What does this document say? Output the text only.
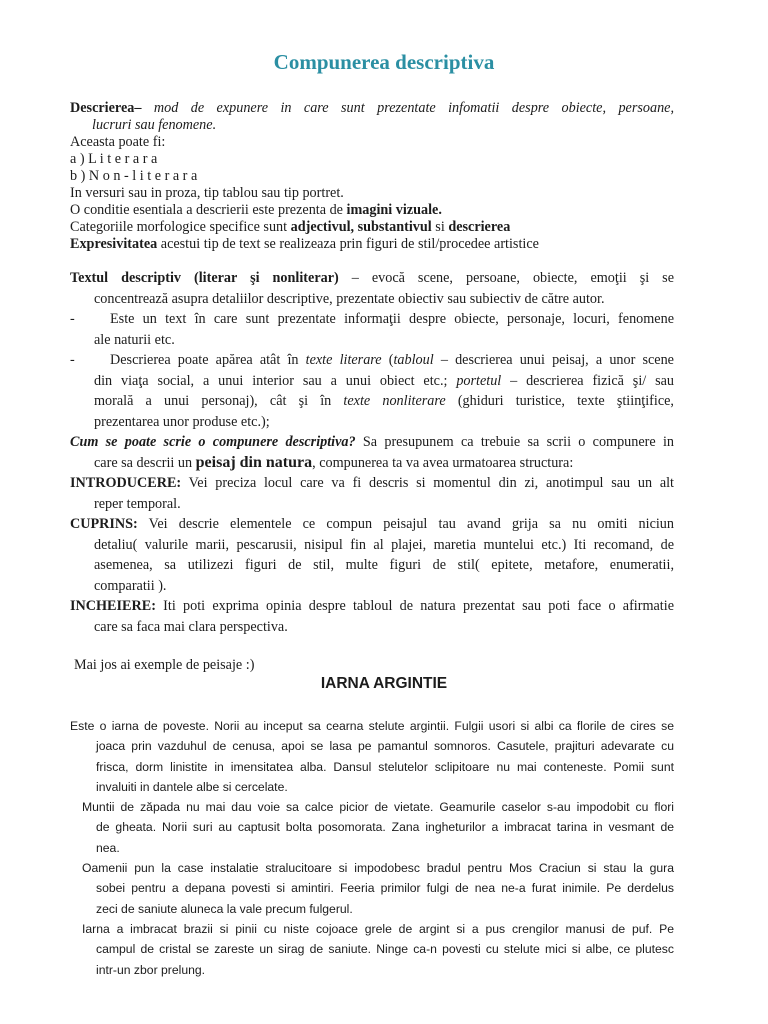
Compunerea descriptiva
Descrierea– mod de expunere in care sunt prezentate infomatii despre obiecte, persoane,
lucruri sau fenomene.
Aceasta poate fi:
a ) L i t e r a r a
b ) N o n - l i t e r a r a
In versuri sau in proza, tip tablou sau tip portret.
O conditie esentiala a descrierii este prezenta de imagini vizuale.
Categoriile morfologice specifice sunt adjectivul, substantivul si descrierea
Expresivitatea acestui tip de text se realizeaza prin figuri de stil/procedee artistice
Textul descriptiv (literar şi nonliterar) – evocă scene, persoane, obiecte, emoţii şi se
concentrează asupra detaliilor descriptive, prezentate obiectiv sau subiectiv de către autor.
- Este un text în care sunt prezentate informaţii despre obiecte, personaje, locuri, fenomene
ale naturii etc.
- Descrierea poate apărea atât în texte literare (tabloul – descrierea unui peisaj, a unor scene
din viaţa social, a unui interior sau a unui obiect etc.; portetul – descrierea fizică şi/ sau
morală a unui personaj), cât şi în texte nonliterare (ghiduri turistice, texte ştiinţifice,
prezentarea unor produse etc.);
Cum se poate scrie o compunere descriptiva? Sa presupunem ca trebuie sa scrii o compunere in
care sa descrii un peisaj din natura, compunerea ta va avea urmatoarea structura:
INTRODUCERE: Vei preciza locul care va fi descris si momentul din zi, anotimpul sau un alt
reper temporal.
CUPRINS: Vei descrie elementele ce compun peisajul tau avand grija sa nu omiti niciun
detaliu( valurile marii, pescarusii, nisipul fin al plajei, maretia muntelui etc.) Iti recomand, de
asemenea, sa utilizezi figuri de stil, multe figuri de stil( epitete, metafore, enumeratii,
comparatii ).
INCHEIERE: Iti poti exprima opinia despre tabloul de natura prezentat sau poti face o afirmatie
care sa faca mai clara perspectiva.
Mai jos ai exemple de peisaje :)
IARNA ARGINTIE
Este o iarna de poveste. Norii au inceput sa cearna stelute argintii. Fulgii usori si albi ca florile de cires se
joaca prin vazduhul de cenusa, apoi se lasa pe pamantul somnoros. Casutele, prajituri adevarate cu
frisca, dorm linistite in imensitatea alba. Dansul stelutelor sclipitoare nu mai conteneste. Pomii sunt
invaluiti in dantele albe si cercelate.
Muntii de zăpada nu mai dau voie sa calce picior de vietate. Geamurile caselor s-au impodobit cu flori
de gheata. Norii suri au captusit bolta posomorata. Zana ingheturilor a imbracat tarina in vesmant de
nea.
Oamenii pun la case instalatie stralucitoare si impodobesc bradul pentru Mos Craciun si stau la gura
sobei pentru a depana povesti si amintiri. Feeria primilor fulgi de nea ne-a furat inimile. Pe derdelus
zeci de saniute aluneca la vale precum fulgerul.
Iarna a imbracat brazii si pinii cu niste cojoace grele de argint si a pus crengilor manusi de puf. Pe
campul de cristal se zareste un sirag de saniute. Ninge ca-n povesti cu stelute mici si albe, ce plutesc
intr-un zbor prelung.
